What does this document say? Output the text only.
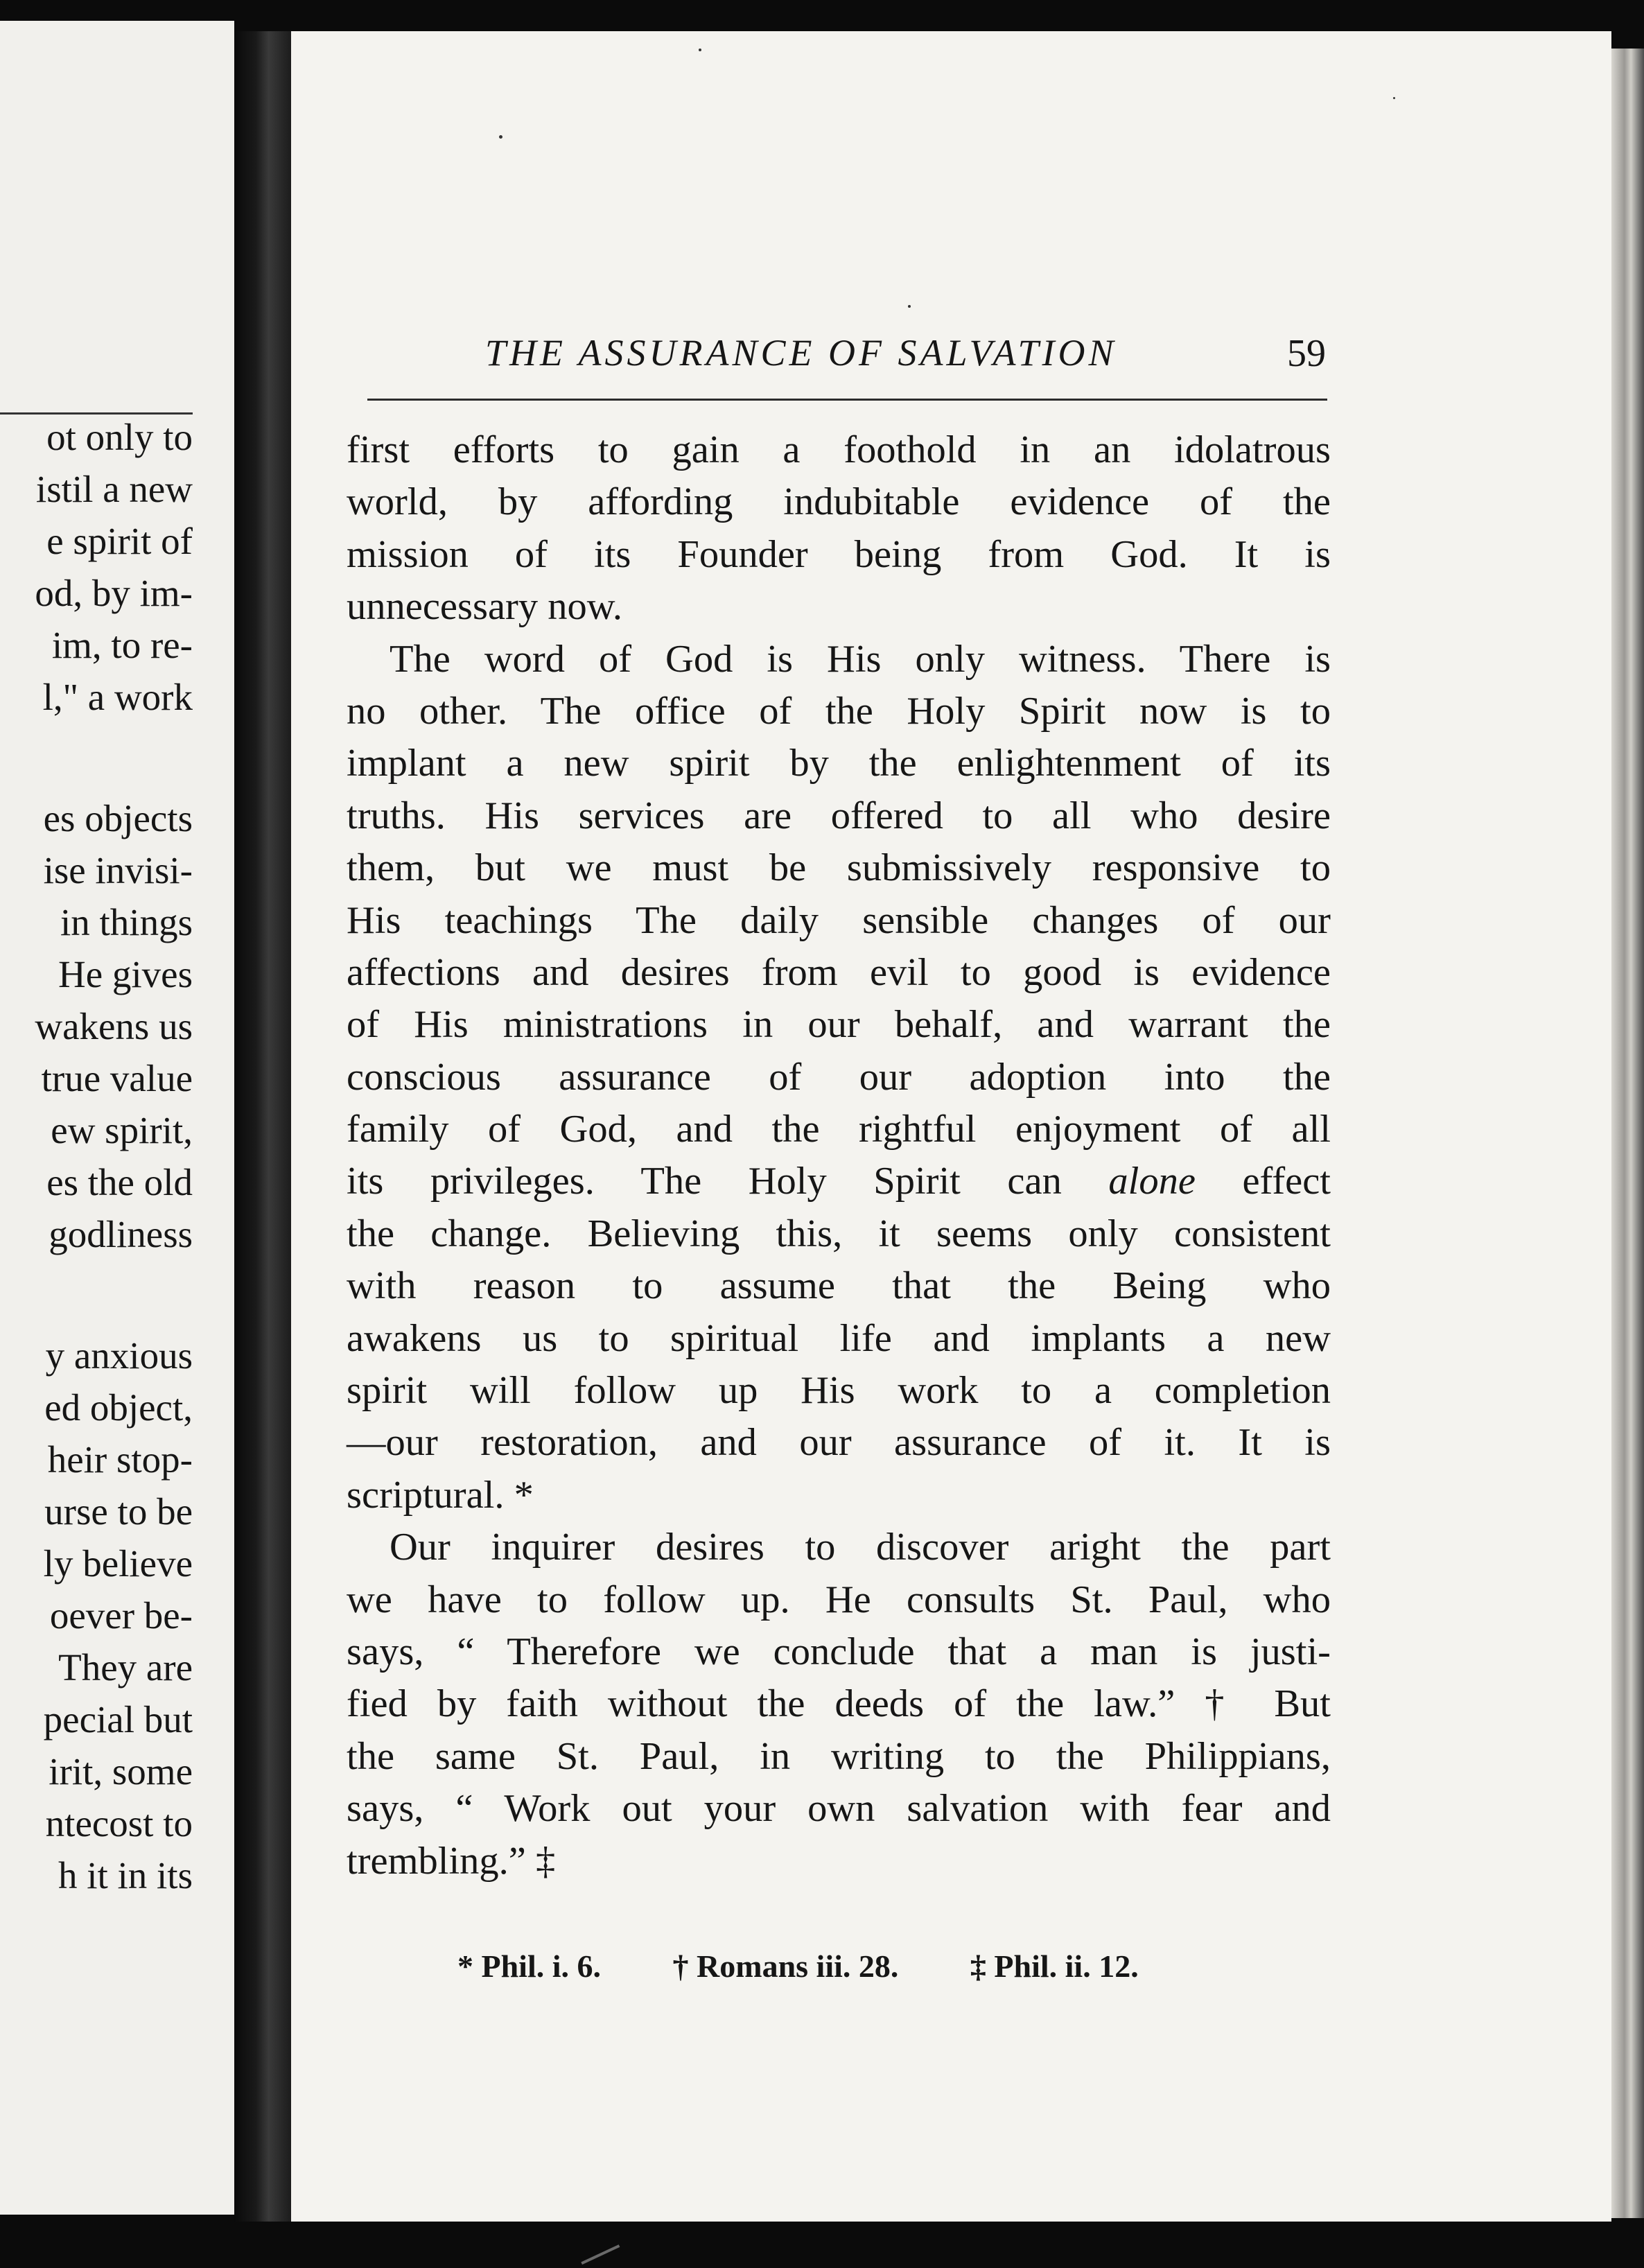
ot only to
istil a new
e spirit of
od, by im-
im, to re-
l," a work
es objects
ise invisi-
in things
He gives
wakens us
true value
ew spirit,
es the old
godliness
y anxious
ed object,
heir stop-
urse to be
ly believe
oever be-
They are
pecial but
irit, some
ntecost to
h it in its
THE ASSURANCE OF SALVATION	59
first efforts to gain a foothold in an idolatrous
world, by affording indubitable evidence of the
mission of its Founder being from God. It is
unnecessary now.
The word of God is His only witness. There is
no other. The office of the Holy Spirit now is to
implant a new spirit by the enlightenment of its
truths. His services are offered to all who desire
them, but we must be submissively responsive to
His teachings The daily sensible changes of our
affections and desires from evil to good is evidence
of His ministrations in our behalf, and warrant the
conscious assurance of our adoption into the
family of God, and the rightful enjoyment of all
its privileges. The Holy Spirit can alone effect
the change. Believing this, it seems only consistent
with reason to assume that the Being who
awakens us to spiritual life and implants a new
spirit will follow up His work to a completion
—our restoration, and our assurance of it. It is
scriptural. *
Our inquirer desires to discover aright the part
we have to follow up. He consults St. Paul, who
says, “ Therefore we conclude that a man is justi-
fied by faith without the deeds of the law.” † But
the same St. Paul, in writing to the Philippians,
says, “ Work out your own salvation with fear and
trembling.” ‡
* Phil. i. 6. † Romans iii. 28. ‡ Phil. ii. 12.
